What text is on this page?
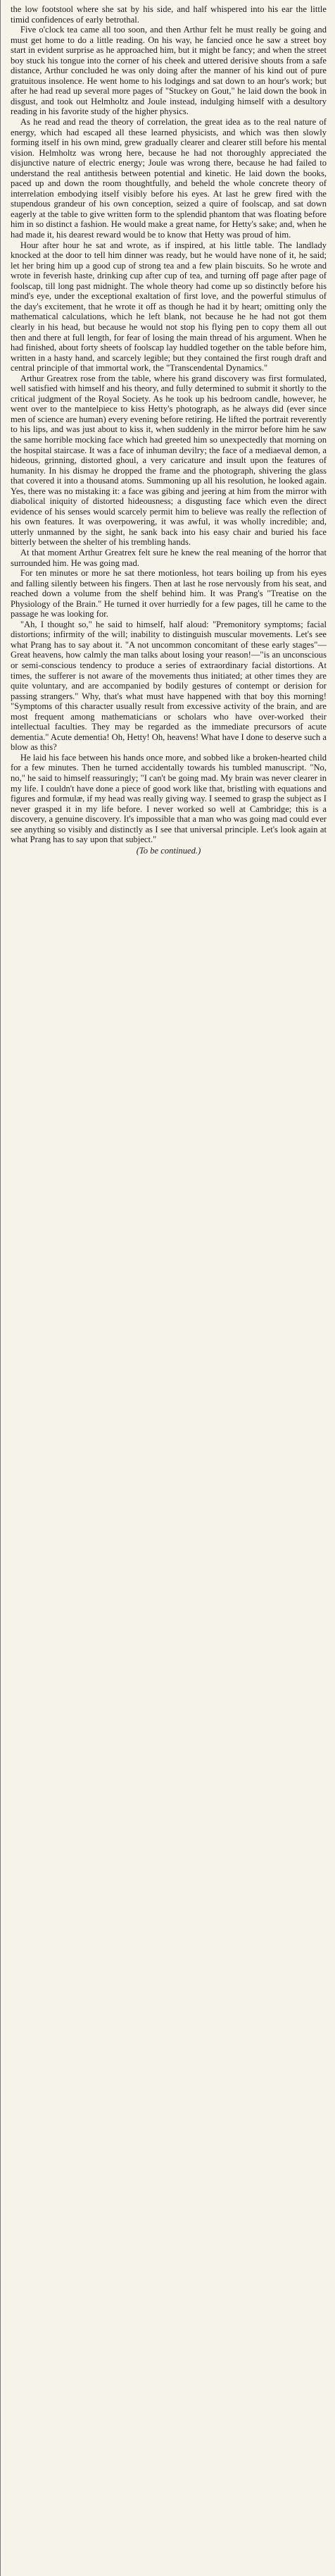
the low footstool where she sat by his side, and half whispered into his ear the little timid confidences of early betrothal.

Five o'clock tea came all too soon, and then Arthur felt he must really be going and must get home to do a little reading. On his way, he fancied once he saw a street boy start in evident surprise as he approached him, but it might be fancy; and when the street boy stuck his tongue into the corner of his cheek and uttered derisive shouts from a safe distance, Arthur concluded he was only doing after the manner of his kind out of pure gratuitous insolence. He went home to his lodgings and sat down to an hour's work; but after he had read up several more pages of "Stuckey on Gout," he laid down the book in disgust, and took out Helmholtz and Joule instead, indulging himself with a desultory reading in his favorite study of the higher physics.

As he read and read the theory of correlation, the great idea as to the real nature of energy, which had escaped all these learned physicists, and which was then slowly forming itself in his own mind, grew gradually clearer and clearer still before his mental vision. Helmholtz was wrong here, because he had not thoroughly appreciated the disjunctive nature of electric energy; Joule was wrong there, because he had failed to understand the real antithesis between potential and kinetic. He laid down the books, paced up and down the room thoughtfully, and beheld the whole concrete theory of interrelation embodying itself visibly before his eyes. At last he grew fired with the stupendous grandeur of his own conception, seized a quire of foolscap, and sat down eagerly at the table to give written form to the splendid phantom that was floating before him in so distinct a fashion. He would make a great name, for Hetty's sake; and, when he had made it, his dearest reward would be to know that Hetty was proud of him.

Hour after hour he sat and wrote, as if inspired, at his little table. The landlady knocked at the door to tell him dinner was ready, but he would have none of it, he said; let her bring him up a good cup of strong tea and a few plain biscuits. So he wrote and wrote in feverish haste, drinking cup after cup of tea, and turning off page after page of foolscap, till long past midnight. The whole theory had come up so distinctly before his mind's eye, under the exceptional exaltation of first love, and the powerful stimulus of the day's excitement, that he wrote it off as though he had it by heart; omitting only the mathematical calculations, which he left blank, not because he he had not got them clearly in his head, but because he would not stop his flying pen to copy them all out then and there at full length, for fear of losing the main thread of his argument. When he had finished, about forty sheets of foolscap lay huddled together on the table before him, written in a hasty hand, and scarcely legible; but they contained the first rough draft and central principle of that immortal work, the "Transcendental Dynamics."

Arthur Greatrex rose from the table, where his grand discovery was first formulated, well satisfied with himself and his theory, and fully determined to submit it shortly to the critical judgment of the Royal Society. As he took up his bedroom candle, however, he went over to the mantelpiece to kiss Hetty's photograph, as he always did (ever since men of science are human) every evening before retiring. He lifted the portrait reverently to his lips, and was just about to kiss it, when suddenly in the mirror before him he saw the same horrible mocking face which had greeted him so unexpectedly that morning on the hospital staircase. It was a face of inhuman devilry; the face of a mediaeval demon, a hideous, grinning, distorted ghoul, a very caricature and insult upon the features of humanity. In his dismay he dropped the frame and the photograph, shivering the glass that covered it into a thousand atoms. Summoning up all his resolution, he looked again. Yes, there was no mistaking it: a face was gibing and jeering at him from the mirror with diabolical iniquity of distorted hideousness; a disgusting face which even the direct evidence of his senses would scarcely permit him to believe was really the reflection of his own features. It was overpowering, it was awful, it was wholly incredible; and, utterly unmanned by the sight, he sank back into his easy chair and buried his face bitterly between the shelter of his trembling hands.

At that moment Arthur Greatrex felt sure he knew the real meaning of the horror that surrounded him. He was going mad.

For ten minutes or more he sat there motionless, hot tears boiling up from his eyes and falling silently between his fingers. Then at last he rose nervously from his seat, and reached down a volume from the shelf behind him. It was Prang's "Treatise on the Physiology of the Brain." He turned it over hurriedly for a few pages, till he came to the passage he was looking for.

"Ah, I thought so," he said to himself, half aloud: "Premonitory symptoms; facial distortions; infirmity of the will; inability to distinguish muscular movements. Let's see what Prang has to say about it. "A not uncommon concomitant of these early stages"—Great heavens, how calmly the man talks about losing your reason!—"is an unconscious or semi-conscious tendency to produce a series of extraordinary facial distortions. At times, the sufferer is not aware of the movements thus initiated; at other times they are quite voluntary, and are accompanied by bodily gestures of contempt or derision for passing strangers." Why, that's what must have happened with that boy this morning! "Symptoms of this character usually result from excessive activity of the brain, and are most frequent among mathematicians or scholars who have over-worked their intellectual faculties. They may be regarded as the immediate precursors of acute dementia." Acute dementia! Oh, Hetty! Oh, heavens! What have I done to deserve such a blow as this?

He laid his face between his hands once more, and sobbed like a broken-hearted child for a few minutes. Then he turned accidentally towards his tumbled manuscript. "No, no," he said to himself reassuringly; "I can't be going mad. My brain was never clearer in my life. I couldn't have done a piece of good work like that, bristling with equations and figures and formulæ, if my head was really giving way. I seemed to grasp the subject as I never grasped it in my life before. I never worked so well at Cambridge; this is a discovery, a genuine discovery. It's impossible that a man who was going mad could ever see anything so visibly and distinctly as I see that universal principle. Let's look again at what Prang has to say upon that subject."

(To be continued.)
